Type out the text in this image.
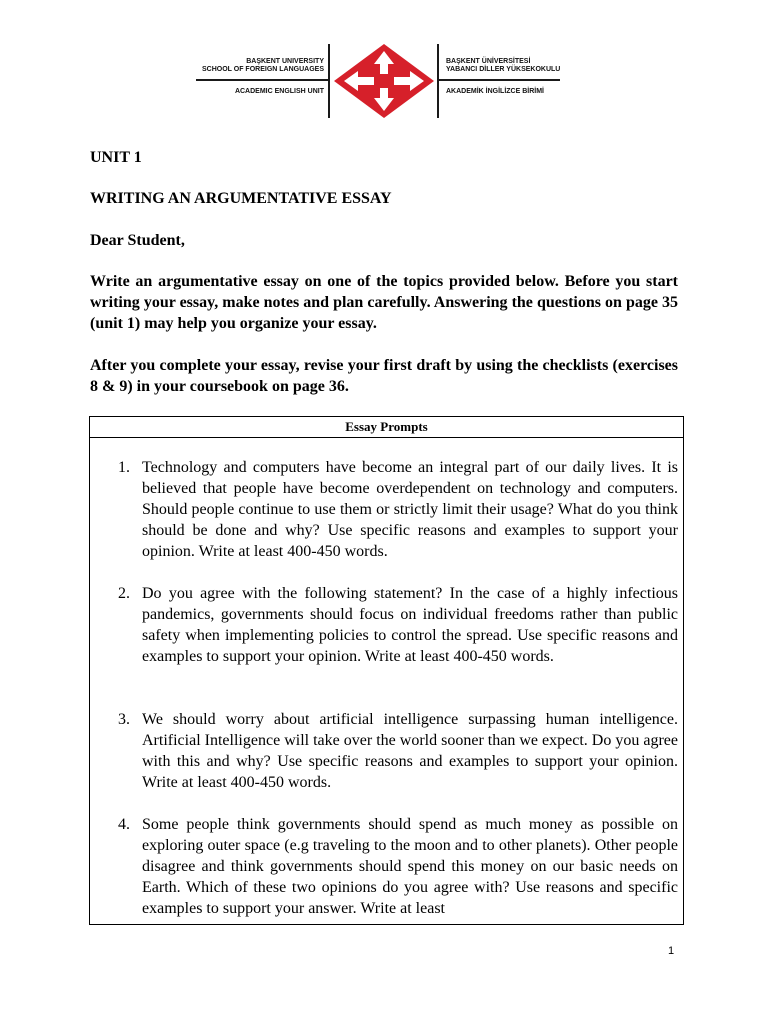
BAŞKENT UNIVERSITY
SCHOOL OF FOREIGN LANGUAGES
ACADEMIC ENGLISH UNIT
BAŞKENT ÜNİVERSİTESİ
YABANCI DİLLER YÜKSEKOKULU
AKADEMİK İNGİLİZCE BİRİMİ
UNIT 1
WRITING AN ARGUMENTATIVE ESSAY
Dear Student,
Write an argumentative essay on one of the topics provided below. Before you start writing your essay, make notes and plan carefully. Answering the questions on page 35 (unit 1) may help you organize your essay.
After you complete your essay, revise your first draft by using the checklists (exercises 8 & 9) in your coursebook on page 36.
Essay Prompts
1. Technology and computers have become an integral part of our daily lives. It is believed that people have become overdependent on technology and computers. Should people continue to use them or strictly limit their usage? What do you think should be done and why? Use specific reasons and examples to support your opinion. Write at least 400-450 words.
2. Do you agree with the following statement? In the case of a highly infectious pandemics, governments should focus on individual freedoms rather than public safety when implementing policies to control the spread. Use specific reasons and examples to support your opinion. Write at least 400-450 words.
3. We should worry about artificial intelligence surpassing human intelligence. Artificial Intelligence will take over the world sooner than we expect. Do you agree with this and why? Use specific reasons and examples to support your opinion. Write at least 400-450 words.
4. Some people think governments should spend as much money as possible on exploring outer space (e.g traveling to the moon and to other planets). Other people disagree and think governments should spend this money on our basic needs on Earth. Which of these two opinions do you agree with? Use reasons and specific examples to support your answer. Write at least
1
